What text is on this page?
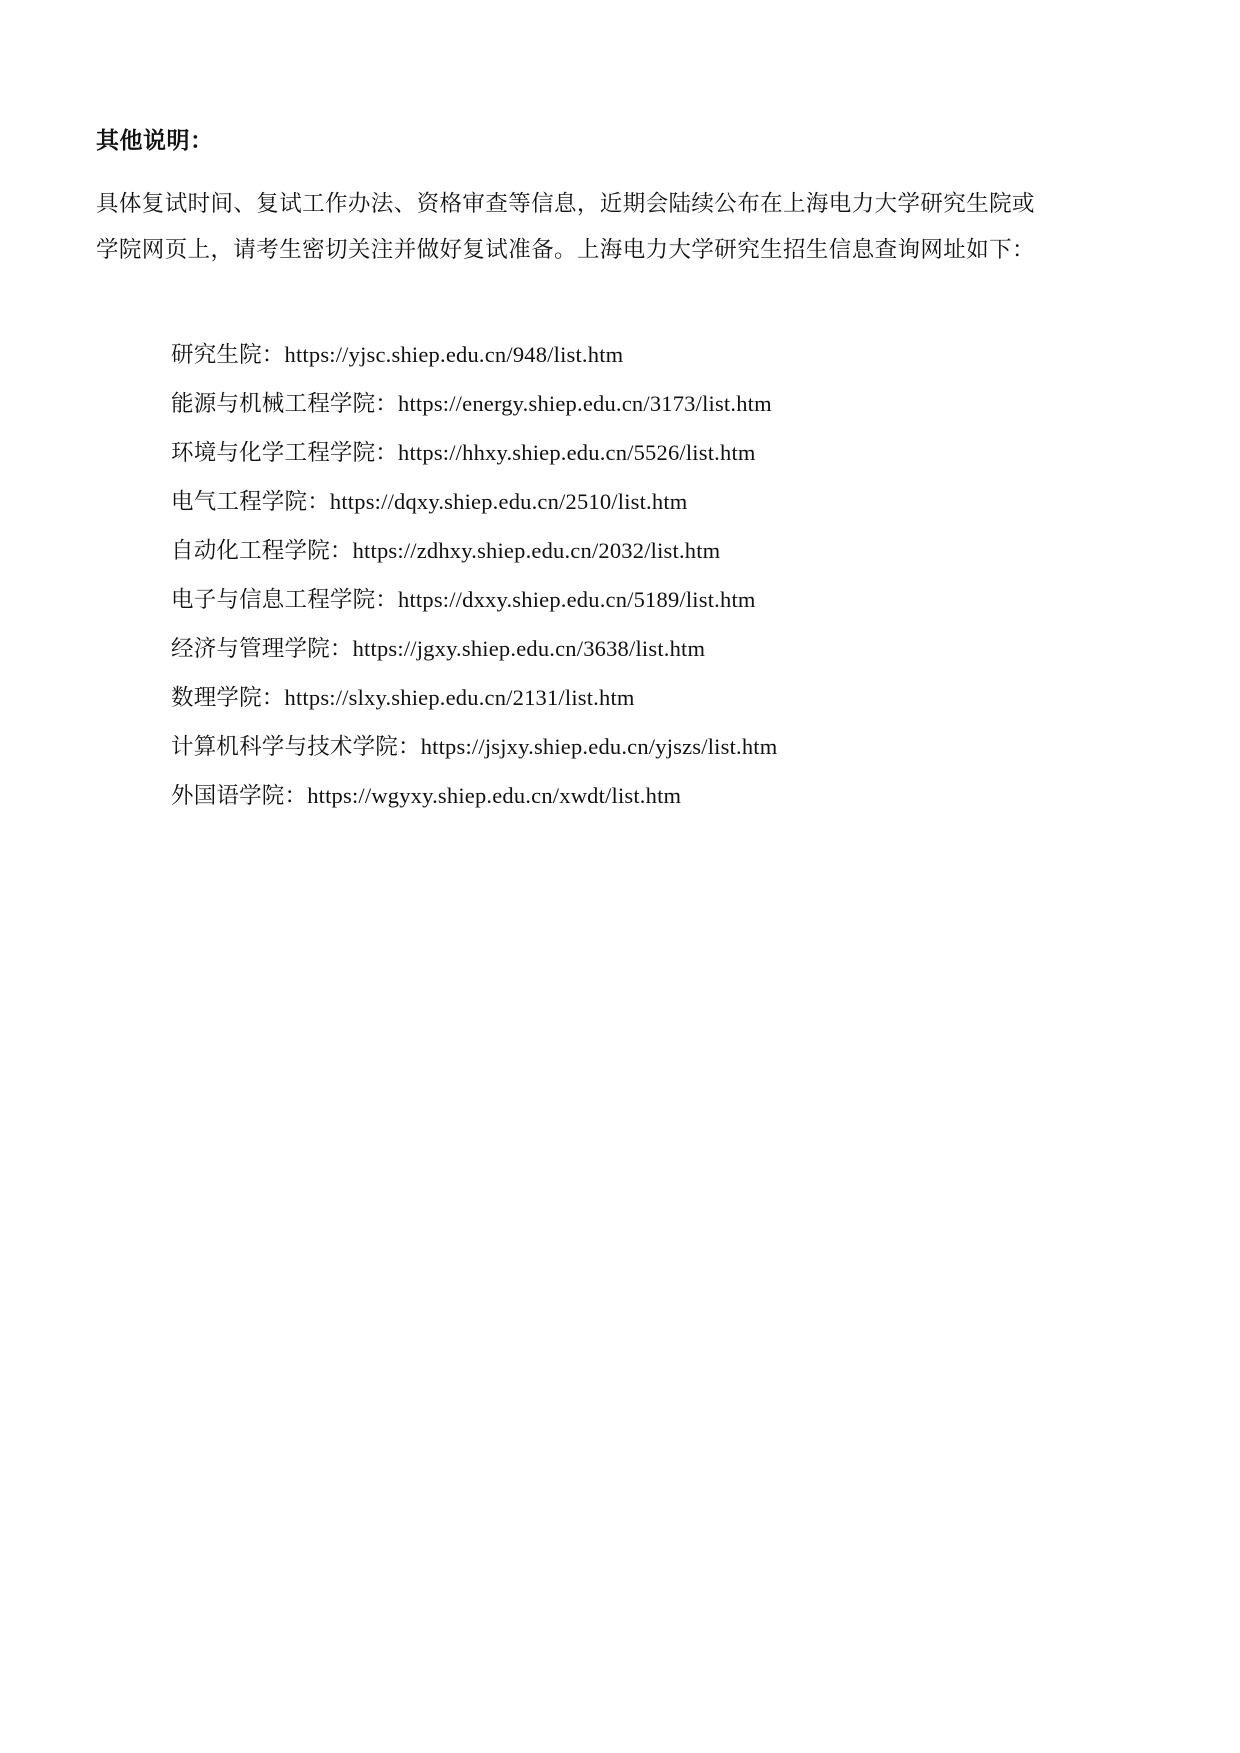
其他说明：

具体复试时间、复试工作办法、资格审查等信息，近期会陆续公布在上海电力大学研究生院或

学院网页上，请考生密切关注并做好复试准备。上海电力大学研究生招生信息查询网址如下：

研究生院：https://yjsc.shiep.edu.cn/948/list.htm
能源与机械工程学院：https://energy.shiep.edu.cn/3173/list.htm
环境与化学工程学院：https://hhxy.shiep.edu.cn/5526/list.htm
电气工程学院：https://dqxy.shiep.edu.cn/2510/list.htm
自动化工程学院：https://zdhxy.shiep.edu.cn/2032/list.htm
电子与信息工程学院：https://dxxy.shiep.edu.cn/5189/list.htm
经济与管理学院：https://jgxy.shiep.edu.cn/3638/list.htm
数理学院：https://slxy.shiep.edu.cn/2131/list.htm
计算机科学与技术学院：https://jsjxy.shiep.edu.cn/yjszs/list.htm
外国语学院：https://wgyxy.shiep.edu.cn/xwdt/list.htm
